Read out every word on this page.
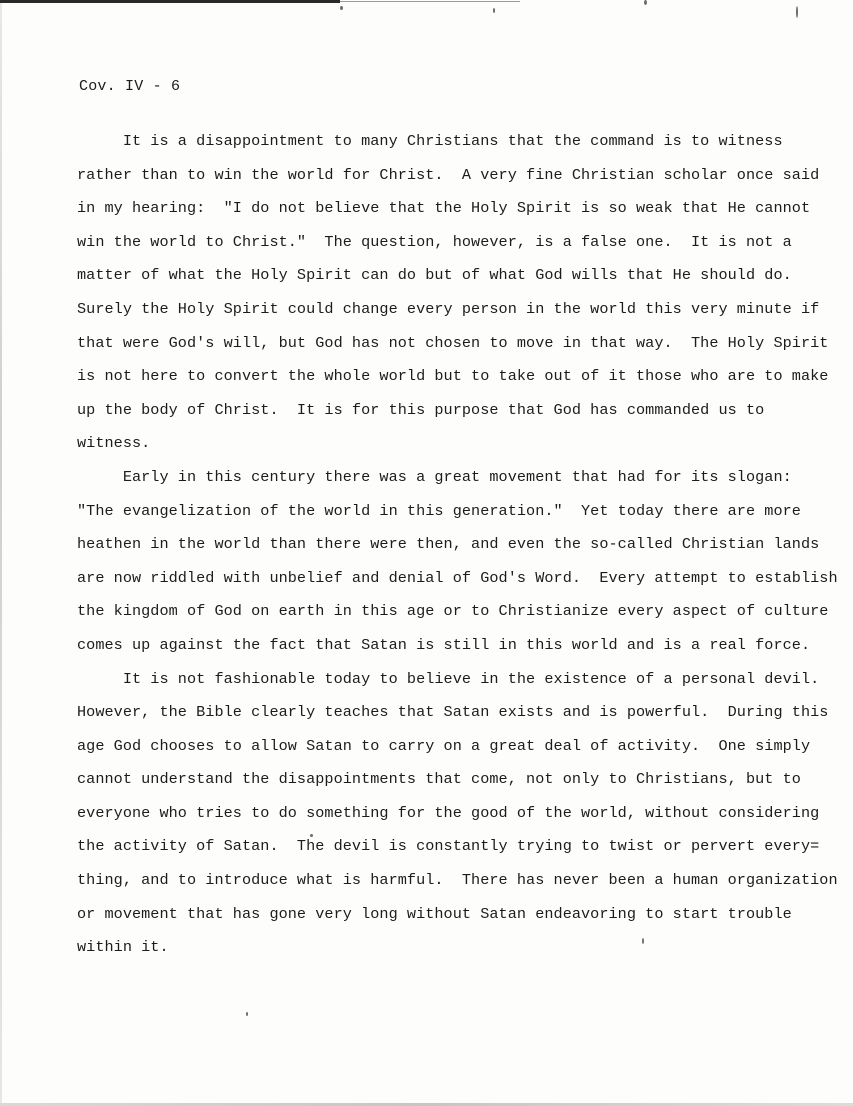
Cov. IV - 6
It is a disappointment to many Christians that the command is to witness
rather than to win the world for Christ.  A very fine Christian scholar once said
in my hearing:  "I do not believe that the Holy Spirit is so weak that He cannot
win the world to Christ."  The question, however, is a false one.  It is not a
matter of what the Holy Spirit can do but of what God wills that He should do.
Surely the Holy Spirit could change every person in the world this very minute if
that were God's will, but God has not chosen to move in that way.  The Holy Spirit
is not here to convert the whole world but to take out of it those who are to make
up the body of Christ.  It is for this purpose that God has commanded us to
witness.
Early in this century there was a great movement that had for its slogan:
"The evangelization of the world in this generation."  Yet today there are more
heathen in the world than there were then, and even the so-called Christian lands
are now riddled with unbelief and denial of God's Word.  Every attempt to establish
the kingdom of God on earth in this age or to Christianize every aspect of culture
comes up against the fact that Satan is still in this world and is a real force.
It is not fashionable today to believe in the existence of a personal devil.
However, the Bible clearly teaches that Satan exists and is powerful.  During this
age God chooses to allow Satan to carry on a great deal of activity.  One simply
cannot understand the disappointments that come, not only to Christians, but to
everyone who tries to do something for the good of the world, without considering
the activity of Satan.  The devil is constantly trying to twist or pervert every=
thing, and to introduce what is harmful.  There has never been a human organization
or movement that has gone very long without Satan endeavoring to start trouble
within it.
